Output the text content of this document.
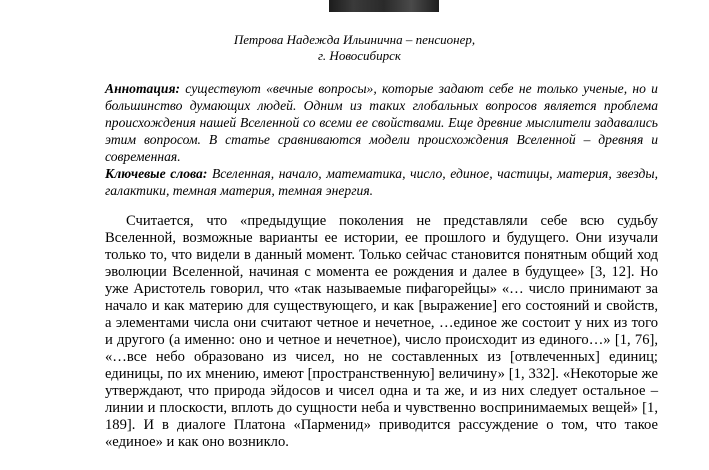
Петрова Надежда Ильинична – пенсионер,
г. Новосибирск

Аннотация: существуют «вечные вопросы», которые задают себе не только ученые, но и большинство думающих людей. Одним из таких глобальных вопросов является проблема происхождения нашей Вселенной со всеми ее свойствами. Еще древние мыслители задавались этим вопросом. В статье сравниваются модели происхождения Вселенной – древняя и современная.

Ключевые слова: Вселенная, начало, математика, число, единое, частицы, материя, звезды, галактики, темная материя, темная энергия.

Считается, что «предыдущие поколения не представляли себе всю судьбу Вселенной, возможные варианты ее истории, ее прошлого и будущего. Они изучали только то, что видели в данный момент. Только сейчас становится понятным общий ход эволюции Вселенной, начиная с момента ее рождения и далее в будущее» [3, 12]. Но уже Аристотель говорил, что «так называемые пифагорейцы» «… число принимают за начало и как материю для существующего, и как [выражение] его состояний и свойств, а элементами числа они считают четное и нечетное, …единое же состоит у них из того и другого (а именно: оно и четное и нечетное), число происходит из единого…» [1, 76], «…все небо образовано из чисел, но не составленных из [отвлеченных] единиц; единицы, по их мнению, имеют [пространственную] величину» [1, 332]. «Некоторые же утверждают, что природа эйдосов и чисел одна и та же, и из них следует остальное – линии и плоскости, вплоть до сущности неба и чувственно воспринимаемых вещей» [1, 189]. И в диалоге Платона «Парменид» приводится рассуждение о том, что такое «единое» и как оно возникло.
